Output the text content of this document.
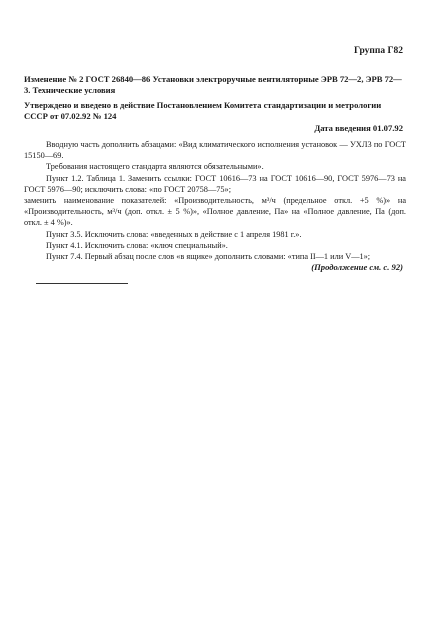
Группа Г82
Изменение № 2 ГОСТ 26840—86 Установки электроручные вентиляторные ЭРВ 72—2, ЭРВ 72—3. Технические условия
Утверждено и введено в действие Постановлением Комитета стандартизации и метрологии СССР от 07.02.92 № 124
Дата введения 01.07.92

Вводную часть дополнить абзацами: «Вид климатического исполнения установок — УХЛ3 по ГОСТ 15150—69.

Требования настоящего стандарта являются обязательными».

Пункт 1.2. Таблица 1. Заменить ссылки: ГОСТ 10616—73 на ГОСТ 10616—90, ГОСТ 5976—73 на ГОСТ 5976—90; исключить слова: «по ГОСТ 20758—75»;

заменить наименование показателей: «Производительность, м³/ч (предельное откл. +5 %)» на «Производительность, м³/ч (доп. откл. ± 5 %)», «Полное давление, Па» на «Полное давление, Па (доп. откл. ± 4 %)».

Пункт 3.5. Исключить слова: «введенных в действие с 1 апреля 1981 г.».

Пункт 4.1. Исключить слова: «ключ специальный».

Пункт 7.4. Первый абзац после слов «в ящике» дополнить словами: «типа II—1 или V—1»;

(Продолжение см. с. 92)
